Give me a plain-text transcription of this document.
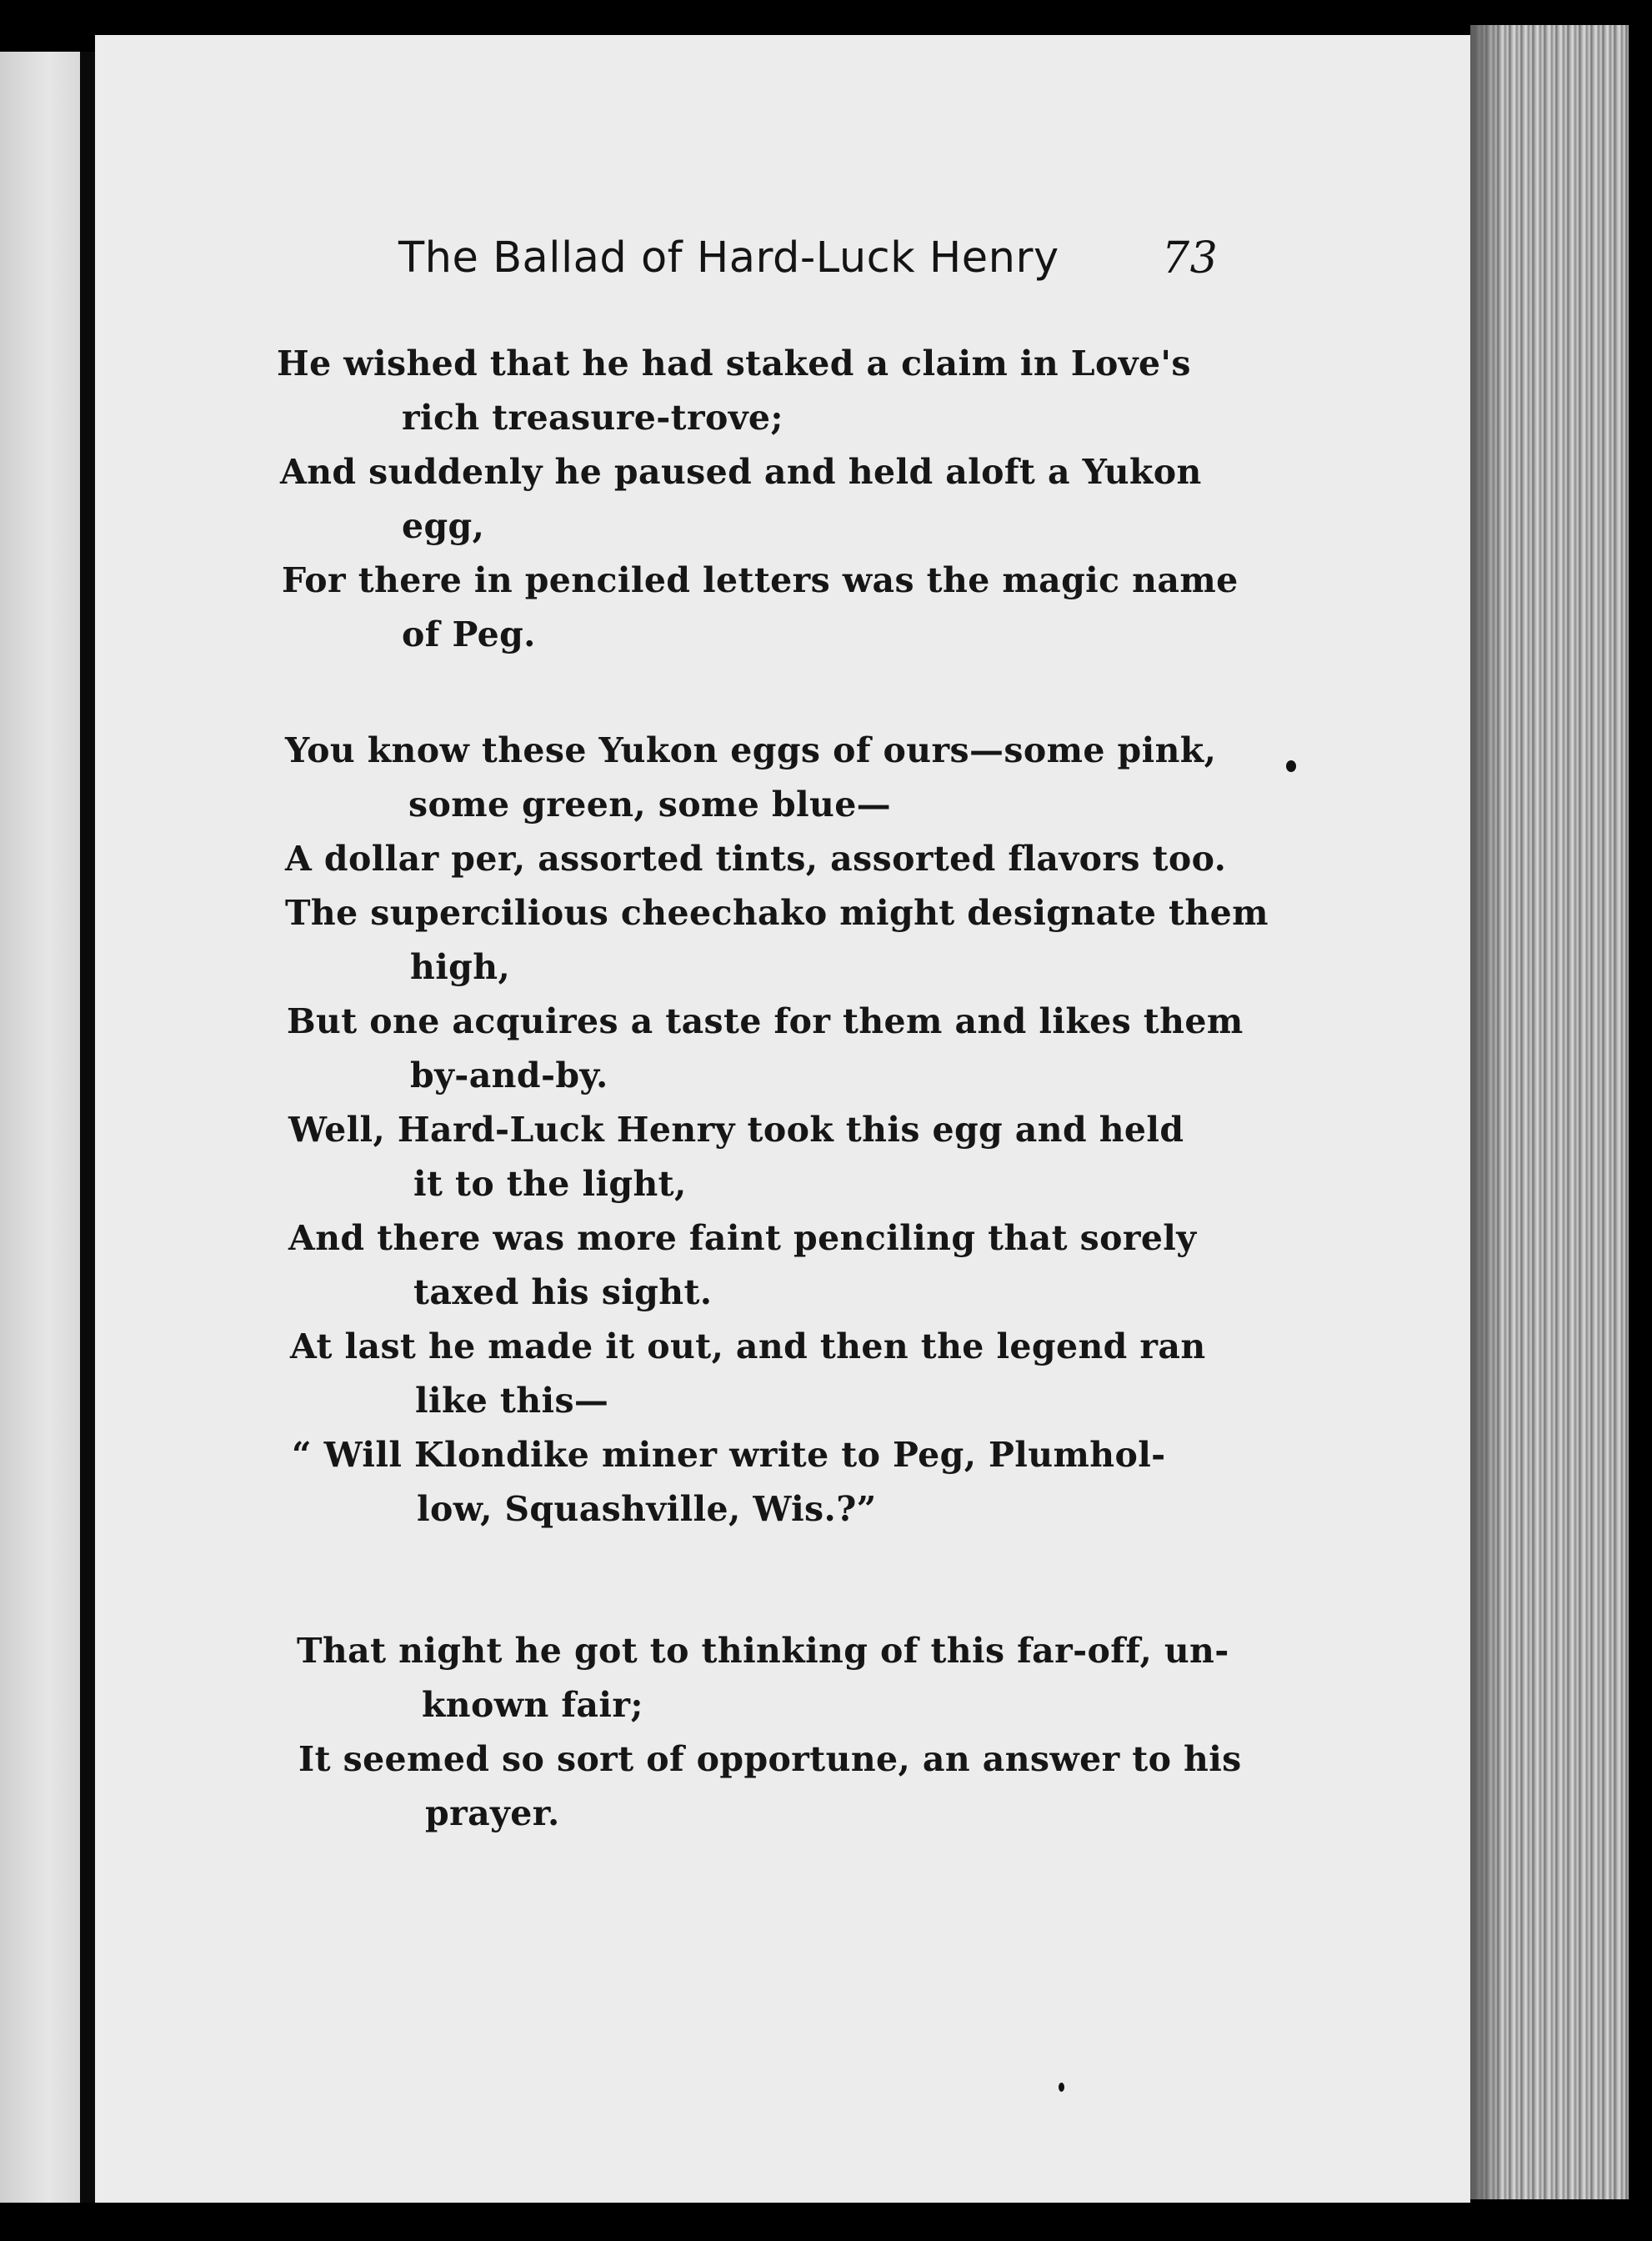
The Ballad of Hard-Luck Henry 73
He wished that he had staked a claim in Love's
rich treasure-trove;
And suddenly he paused and held aloft a Yukon
egg,
For there in penciled letters was the magic name
of Peg.
You know these Yukon eggs of ours—some pink,
some green, some blue—
A dollar per, assorted tints, assorted flavors too.
The supercilious cheechako might designate them
high,
But one acquires a taste for them and likes them
by-and-by.
Well, Hard-Luck Henry took this egg and held
it to the light,
And there was more faint penciling that sorely
taxed his sight.
At last he made it out, and then the legend ran
like this—
“ Will Klondike miner write to Peg, Plumhol-
low, Squashville, Wis.?”
That night he got to thinking of this far-off, un-
known fair;
It seemed so sort of opportune, an answer to his
prayer.
